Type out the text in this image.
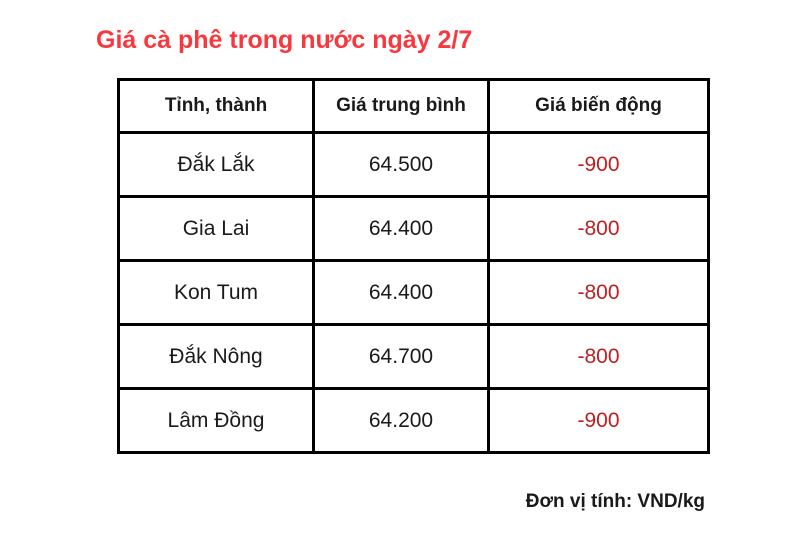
Giá cà phê trong nước ngày 2/7
Tỉnh, thành	Giá trung bình	Giá biến động
Đắk Lắk	64.500	-900
Gia Lai	64.400	-800
Kon Tum	64.400	-800
Đắk Nông	64.700	-800
Lâm Đồng	64.200	-900
Đơn vị tính: VND/kg
